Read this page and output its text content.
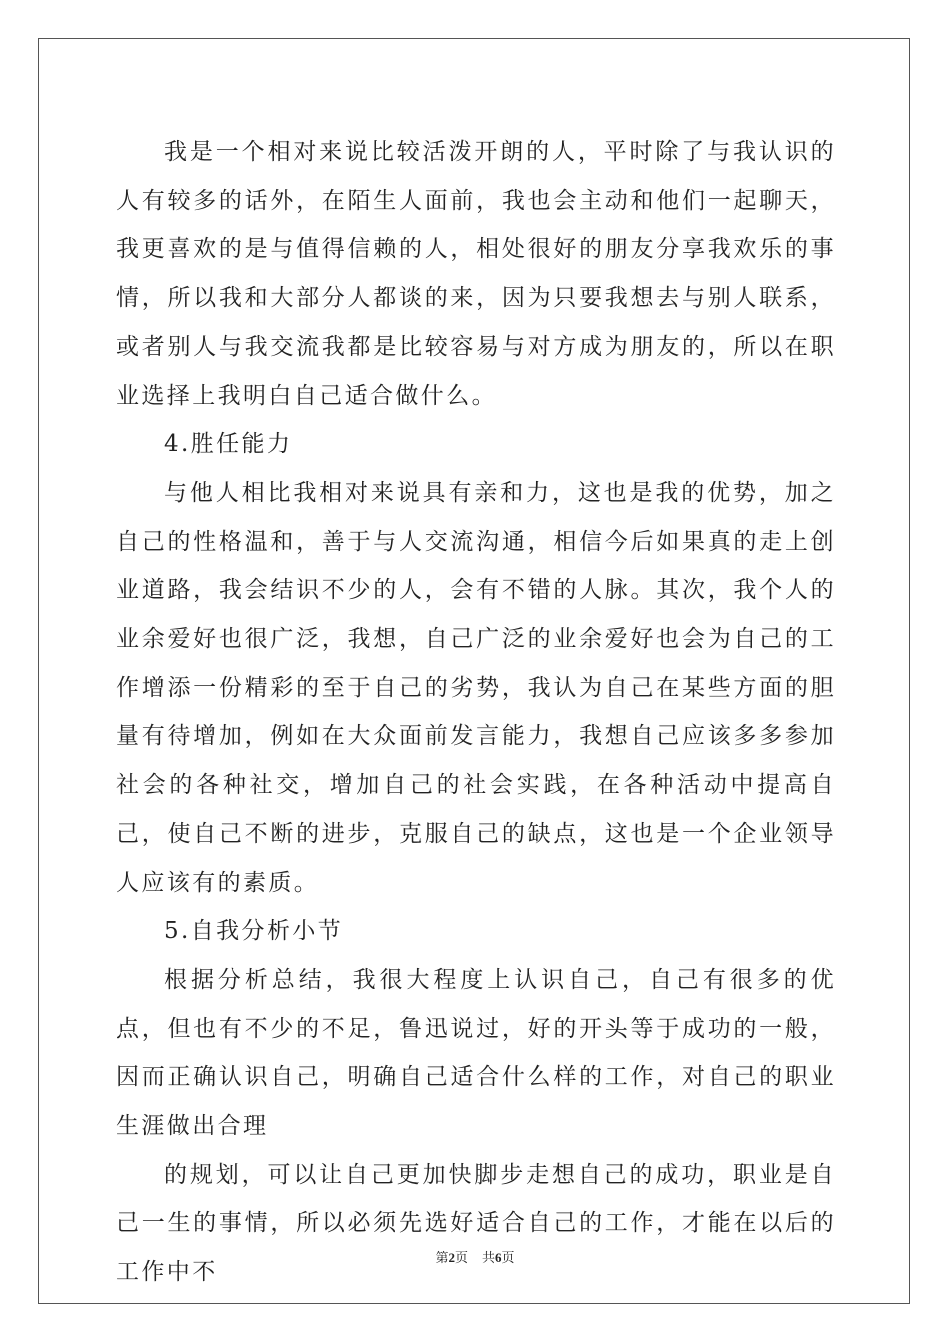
我是一个相对来说比较活泼开朗的人，平时除了与我认识的人有较多的话外，在陌生人面前，我也会主动和他们一起聊天，我更喜欢的是与值得信赖的人，相处很好的朋友分享我欢乐的事情，所以我和大部分人都谈的来，因为只要我想去与别人联系，或者别人与我交流我都是比较容易与对方成为朋友的，所以在职业选择上我明白自己适合做什么。

4.胜任能力

与他人相比我相对来说具有亲和力，这也是我的优势，加之自己的性格温和，善于与人交流沟通，相信今后如果真的走上创业道路，我会结识不少的人，会有不错的人脉。其次，我个人的业余爱好也很广泛，我想，自己广泛的业余爱好也会为自己的工作增添一份精彩的至于自己的劣势，我认为自己在某些方面的胆量有待增加，例如在大众面前发言能力，我想自己应该多多参加社会的各种社交，增加自己的社会实践，在各种活动中提高自己，使自己不断的进步，克服自己的缺点，这也是一个企业领导人应该有的素质。

5.自我分析小节

根据分析总结，我很大程度上认识自己，自己有很多的优点，但也有不少的不足，鲁迅说过，好的开头等于成功的一般，因而正确认识自己，明确自己适合什么样的工作，对自己的职业生涯做出合理

的规划，可以让自己更加快脚步走想自己的成功，职业是自己一生的事情，所以必须先选好适合自己的工作，才能在以后的工作中不

第2页 共6页
